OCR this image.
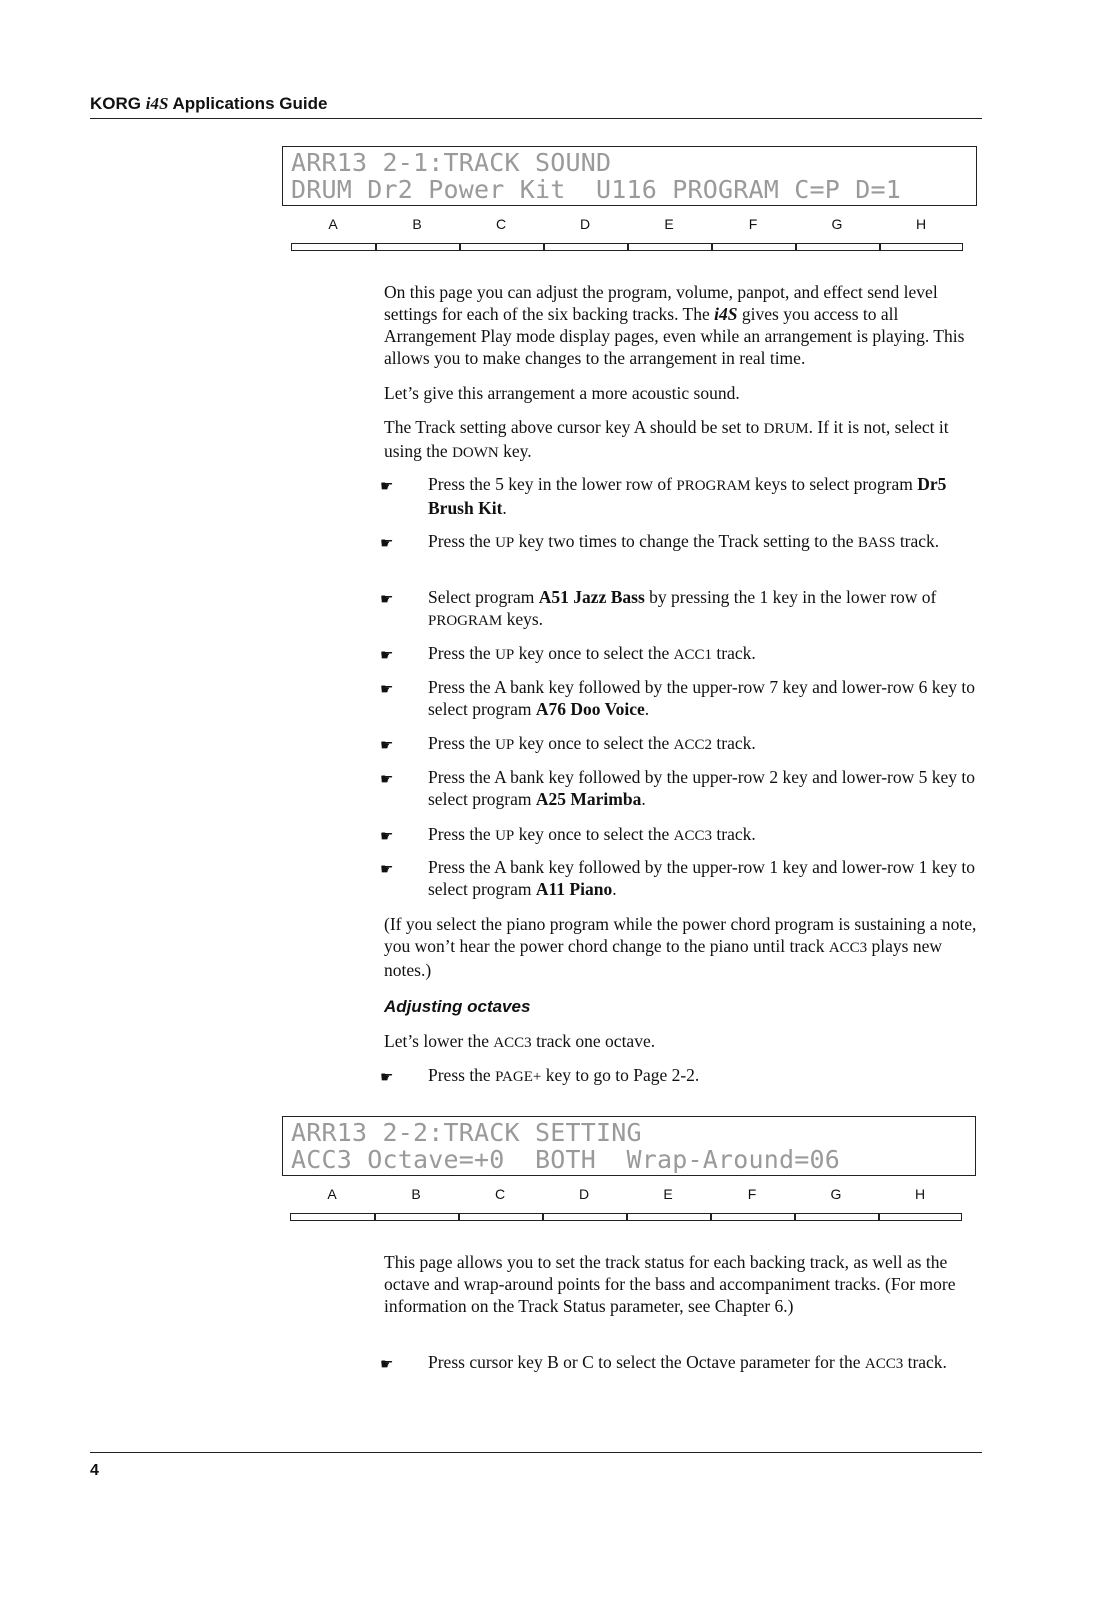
KORG i4S Applications Guide
ARR13 2-1:TRACK SOUND
DRUM Dr2 Power Kit  U116 PROGRAM C=P D=1
A	B	C	D	E	F	G	H

On this page you can adjust the program, volume, panpot, and effect send level settings for each of the six backing tracks. The i4S gives you access to all Arrangement Play mode display pages, even while an arrangement is playing. This allows you to make changes to the arrangement in real time.

Let’s give this arrangement a more acoustic sound.

The Track setting above cursor key A should be set to DRUM. If it is not, select it using the DOWN key.

☛ Press the 5 key in the lower row of PROGRAM keys to select program Dr5 Brush Kit.
☛ Press the UP key two times to change the Track setting to the BASS track.
☛ Select program A51 Jazz Bass by pressing the 1 key in the lower row of PROGRAM keys.
☛ Press the UP key once to select the ACC1 track.
☛ Press the A bank key followed by the upper-row 7 key and lower-row 6 key to select program A76 Doo Voice.
☛ Press the UP key once to select the ACC2 track.
☛ Press the A bank key followed by the upper-row 2 key and lower-row 5 key to select program A25 Marimba.
☛ Press the UP key once to select the ACC3 track.
☛ Press the A bank key followed by the upper-row 1 key and lower-row 1 key to select program A11 Piano.

(If you select the piano program while the power chord program is sustaining a note, you won’t hear the power chord change to the piano until track ACC3 plays new notes.)

Adjusting octaves

Let’s lower the ACC3 track one octave.

☛ Press the PAGE+ key to go to Page 2-2.
ARR13 2-2:TRACK SETTING
ACC3 Octave=+0  BOTH  Wrap-Around=06
A	B	C	D	E	F	G	H

This page allows you to set the track status for each backing track, as well as the octave and wrap-around points for the bass and accompaniment tracks. (For more information on the Track Status parameter, see Chapter 6.)

☛ Press cursor key B or C to select the Octave parameter for the ACC3 track.
4
